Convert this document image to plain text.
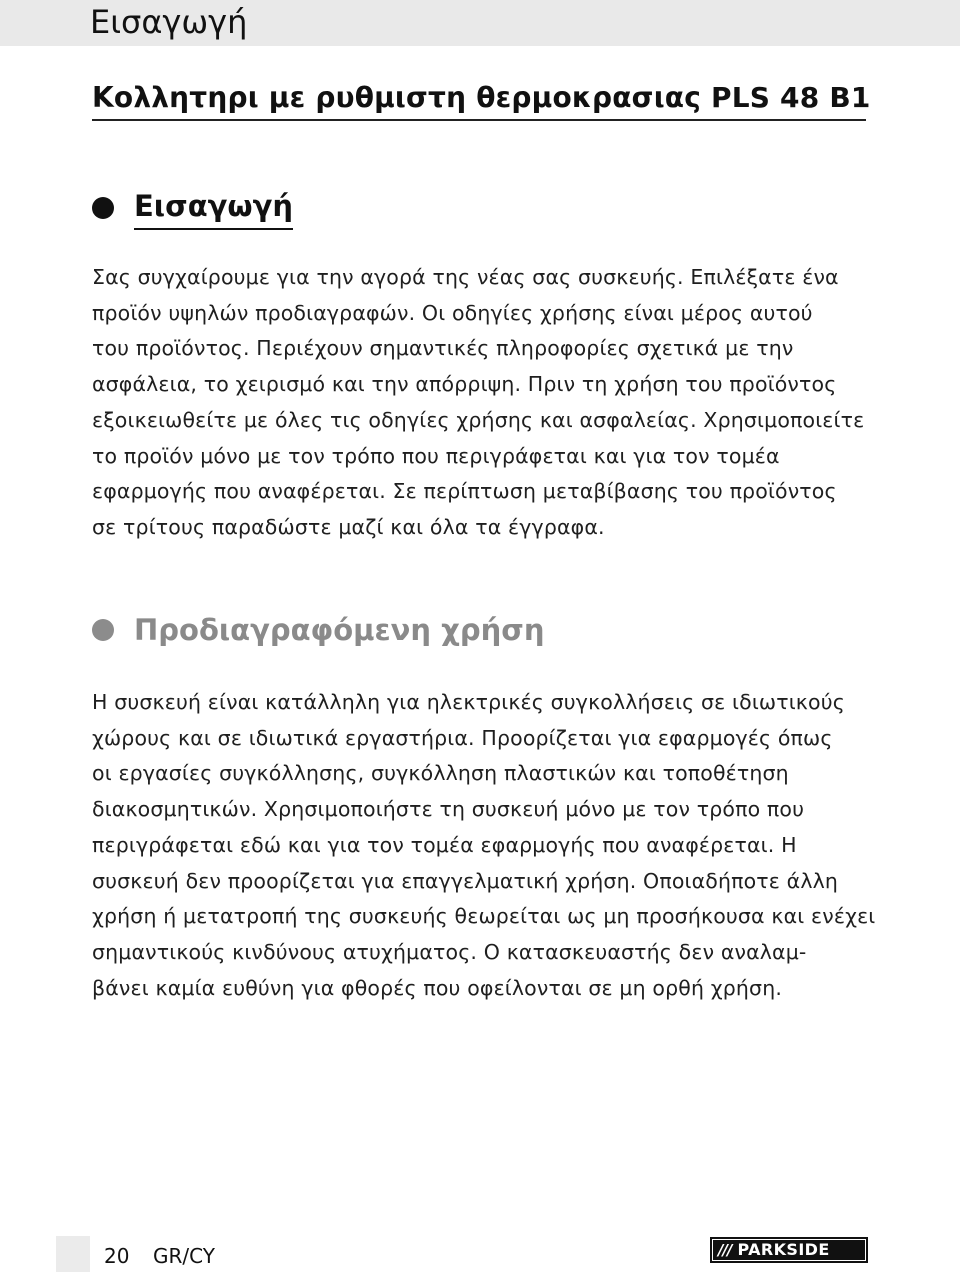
Εισαγωγή
Κολλητηρι με ρυθμιστη θερμοκρασιας PLS 48 B1
Εισαγωγή
Σας συγχαίρουμε για την αγορά της νέας σας συσκευής. Επιλέξατε ένα
προϊόν υψηλών προδιαγραφών. Οι οδηγίες χρήσης είναι μέρος αυτού
του προϊόντος. Περιέχουν σημαντικές πληροφορίες σχετικά με την
ασφάλεια, το χειρισμό και την απόρριψη. Πριν τη χρήση του προϊόντος
εξοικειωθείτε με όλες τις οδηγίες χρήσης και ασφαλείας. Χρησιμοποιείτε
το προϊόν μόνο με τον τρόπο που περιγράφεται και για τον τομέα
εφαρμογής που αναφέρεται. Σε περίπτωση μεταβίβασης του προϊόντος
σε τρίτους παραδώστε μαζί και όλα τα έγγραφα.
Προδιαγραφόμενη χρήση
Η συσκευή είναι κατάλληλη για ηλεκτρικές συγκολλήσεις σε ιδιωτικούς
χώρους και σε ιδιωτικά εργαστήρια. Προορίζεται για εφαρμογές όπως
οι εργασίες συγκόλλησης, συγκόλληση πλαστικών και τοποθέτηση
διακοσμητικών. Χρησιμοποιήστε τη συσκευή μόνο με τον τρόπο που
περιγράφεται εδώ και για τον τομέα εφαρμογής που αναφέρεται. Η
συσκευή δεν προορίζεται για επαγγελματική χρήση. Οποιαδήποτε άλλη
χρήση ή μετατροπή της συσκευής θεωρείται ως μη προσήκουσα και ενέχει
σημαντικούς κινδύνους ατυχήματος. Ο κατασκευαστής δεν αναλαμ-
βάνει καμία ευθύνη για φθορές που οφείλονται σε μη ορθή χρήση.
20 GR/CY	/// PARKSIDE
